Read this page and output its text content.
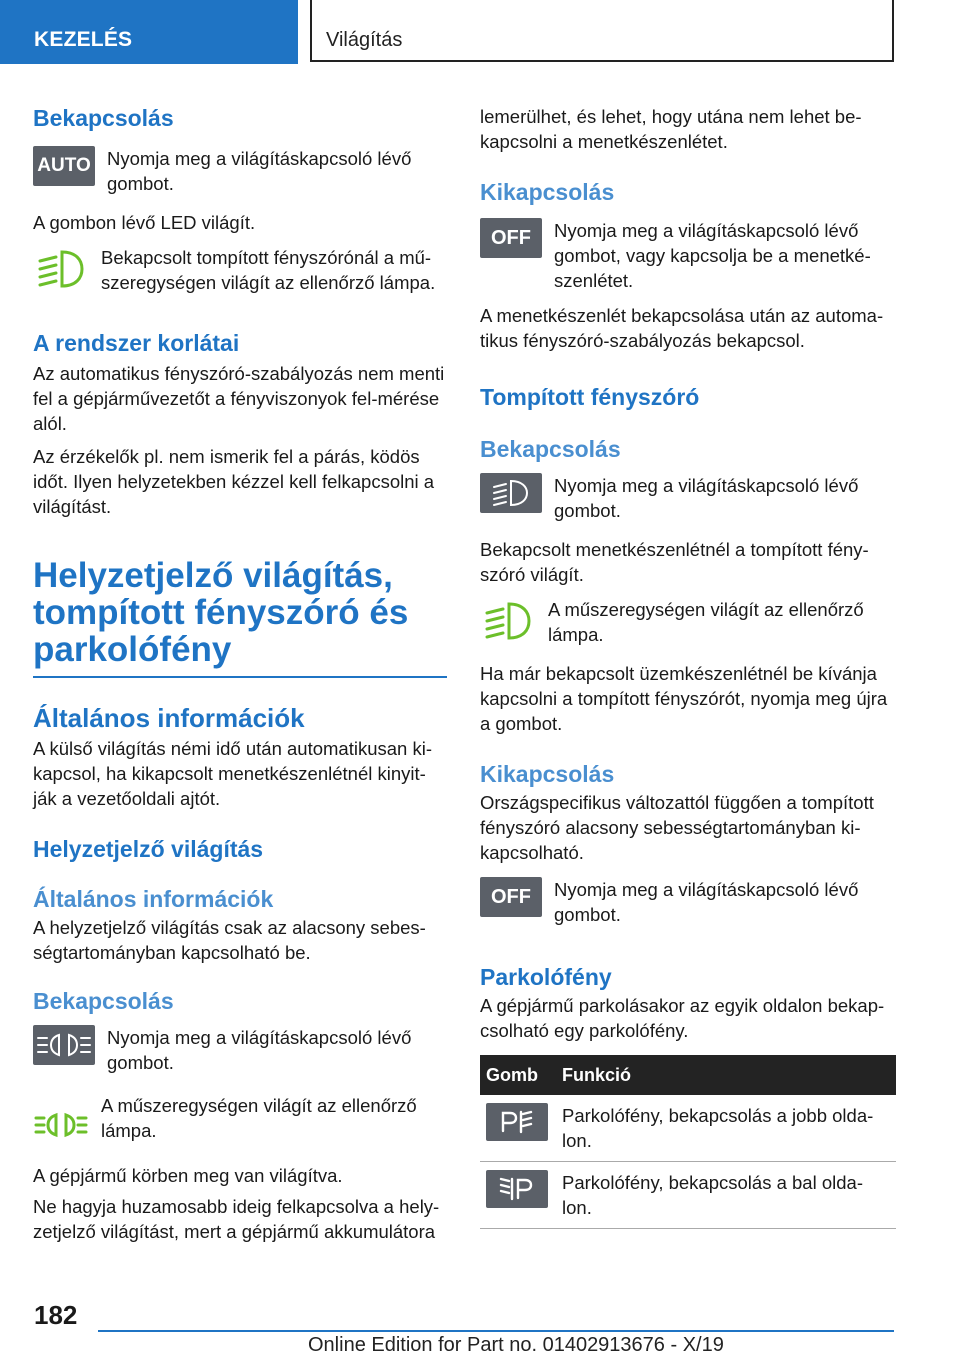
KEZELÉS	Világítás
Bekapcsolás
AUTO Nyomja meg a világításkapcsoló lévő gombot.

A gombon lévő LED világít.

Bekapcsolt tompított fényszórónál a mű-szeregységen világít az ellenőrző lámpa.

A rendszer korlátai

Az automatikus fényszóró-szabályozás nem menti fel a gépjárművezetőt a fényviszonyok fel-mérése alól.

Az érzékelők pl. nem ismerik fel a párás, ködös időt. Ilyen helyzetekben kézzel kell felkapcsolni a világítást.

Helyzetjelző világítás, tompított fényszóró és parkolófény
Általános információk

A külső világítás némi idő után automatikusan ki-kapcsol, ha kikapcsolt menetkészenlétnél kinyit-ják a vezetőoldali ajtót.

Helyzetjelző világítás
Általános információk

A helyzetjelző világítás csak az alacsony sebes-ségtartományban kapcsolható be.

Bekapcsolás

Nyomja meg a világításkapcsoló lévő gombot.

A műszeregységen világít az ellenőrző lámpa.

A gépjármű körben meg van világítva.

Ne hagyja huzamosabb ideig felkapcsolva a hely-zetjelző világítást, mert a gépjármű akkumulátora

lemerülhet, és lehet, hogy utána nem lehet be-kapcsolni a menetkészenlétet.

Kikapcsolás
OFF Nyomja meg a világításkapcsoló lévő gombot, vagy kapcsolja be a menetké-szenlétet.

A menetkészenlét bekapcsolása után az automa-tikus fényszóró-szabályozás bekapcsol.

Tompított fényszóró
Bekapcsolás

Nyomja meg a világításkapcsoló lévő gombot.

Bekapcsolt menetkészenlétnél a tompított fény-szóró világít.

A műszeregységen világít az ellenőrző lámpa.

Ha már bekapcsolt üzemkészenlétnél be kívánja kapcsolni a tompított fényszórót, nyomja meg újra a gombot.

Kikapcsolás

Országspecifikus változattól függően a tompított fényszóró alacsony sebességtartományban ki-kapcsolható.

OFF Nyomja meg a világításkapcsoló lévő gombot.

Parkolófény

A gépjármű parkolásakor az egyik oldalon bekap-csolható egy parkolófény.

Gomb	Funkció

	Parkolófény, bekapcsolás a jobb olda-lon.

	Parkolófény, bekapcsolás a bal olda-lon.
182
Online Edition for Part no. 01402913676 - X/19
